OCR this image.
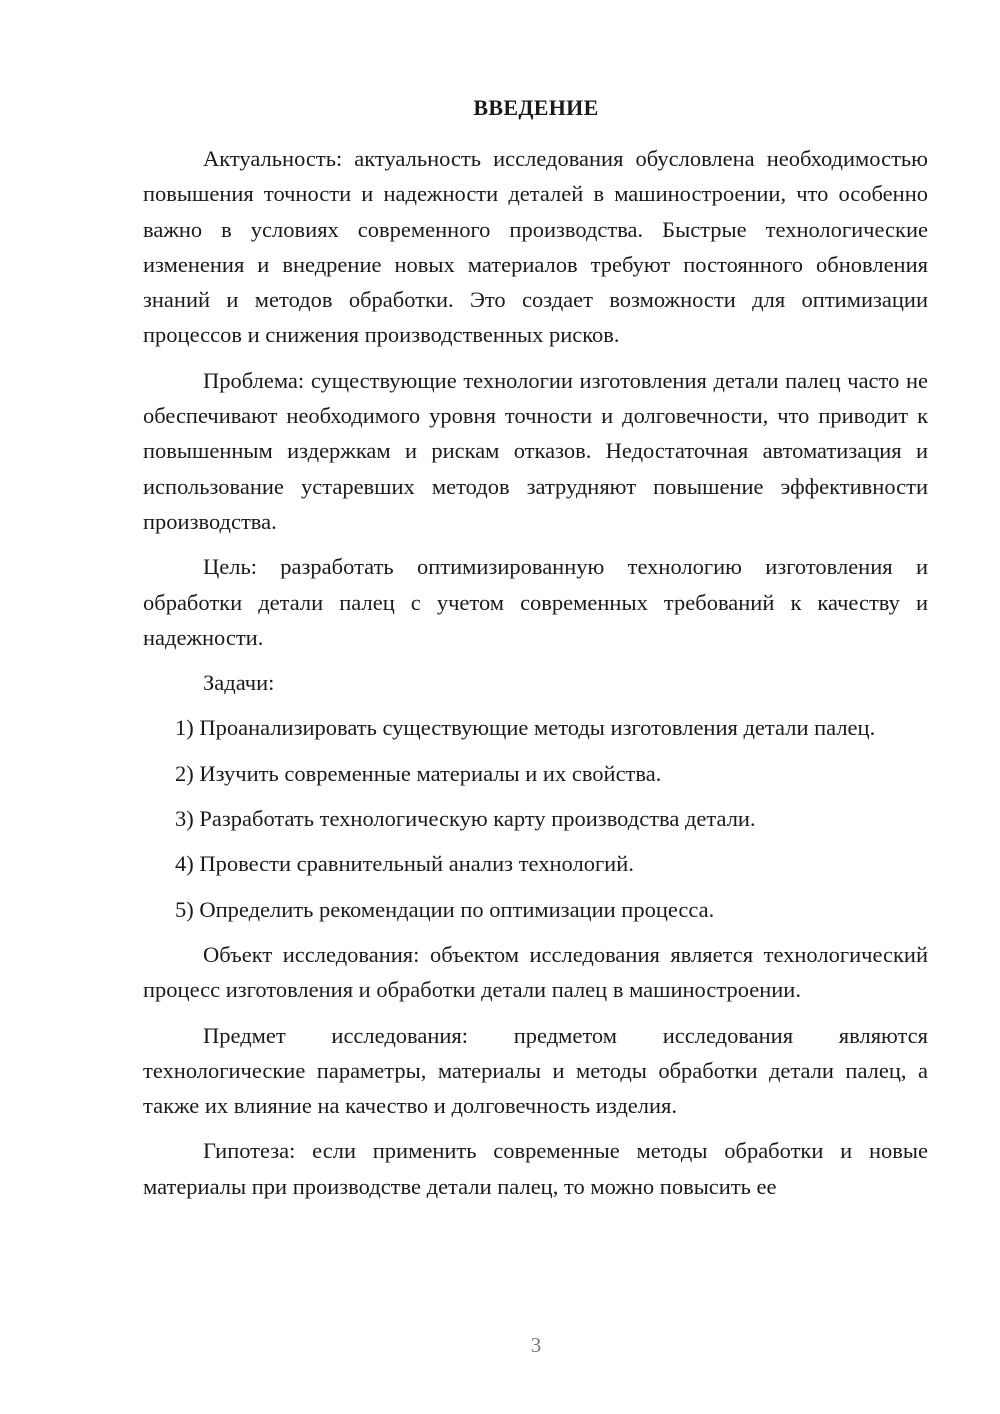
ВВЕДЕНИЕ

Актуальность: актуальность исследования обусловлена необходимостью повышения точности и надежности деталей в машиностроении, что особенно важно в условиях современного производства. Быстрые технологические изменения и внедрение новых материалов требуют постоянного обновления знаний и методов обработки. Это создает возможности для оптимизации процессов и снижения производственных рисков.

Проблема: существующие технологии изготовления детали палец часто не обеспечивают необходимого уровня точности и долговечности, что приводит к повышенным издержкам и рискам отказов. Недостаточная автоматизация и использование устаревших методов затрудняют повышение эффективности производства.

Цель: разработать оптимизированную технологию изготовления и обработки детали палец с учетом современных требований к качеству и надежности.

Задачи:

1) Проанализировать существующие методы изготовления детали палец.

2) Изучить современные материалы и их свойства.

3) Разработать технологическую карту производства детали.

4) Провести сравнительный анализ технологий.

5) Определить рекомендации по оптимизации процесса.

Объект исследования: объектом исследования является технологический процесс изготовления и обработки детали палец в машиностроении.

Предмет исследования: предметом исследования являются технологические параметры, материалы и методы обработки детали палец, а также их влияние на качество и долговечность изделия.

Гипотеза: если применить современные методы обработки и новые материалы при производстве детали палец, то можно повысить ее

3
